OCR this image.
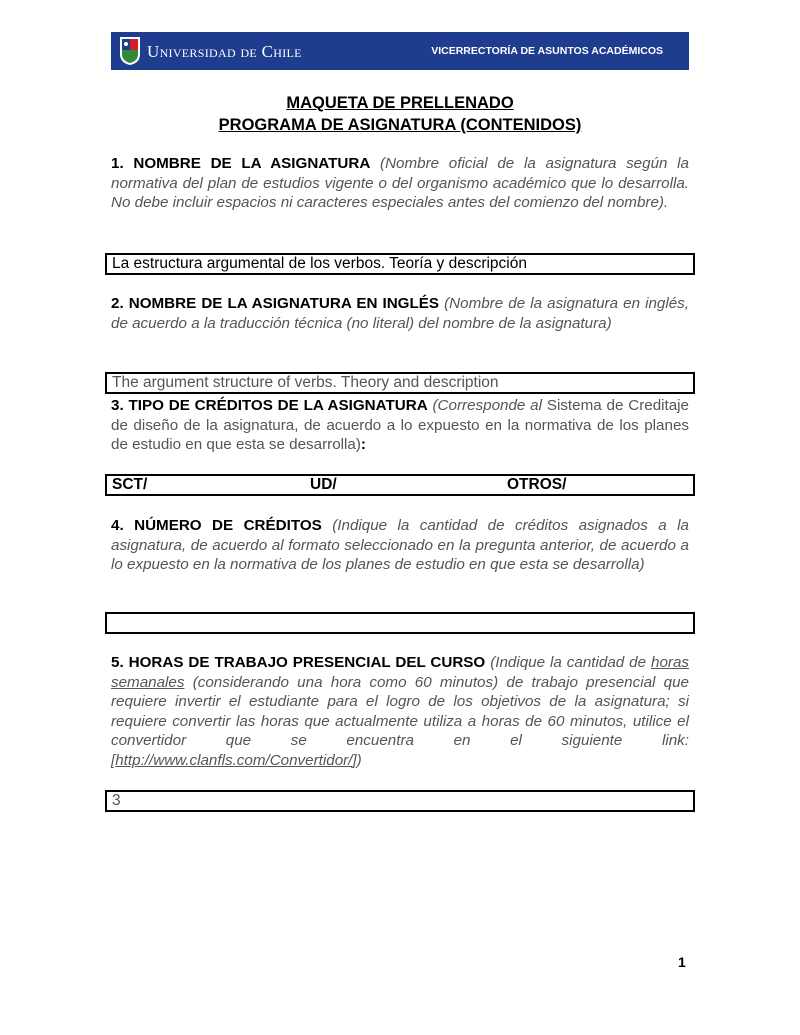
Universidad de Chile	VICERRECTORÍA DE ASUNTOS ACADÉMICOS
MAQUETA DE PRELLENADO
PROGRAMA DE ASIGNATURA (CONTENIDOS)
1. NOMBRE DE LA ASIGNATURA (Nombre oficial de la asignatura según la normativa del plan de estudios vigente o del organismo académico que lo desarrolla. No debe incluir espacios ni caracteres especiales antes del comienzo del nombre).
La estructura argumental de los verbos. Teoría y descripción
2. NOMBRE DE LA ASIGNATURA EN INGLÉS (Nombre de la asignatura en inglés, de acuerdo a la traducción técnica (no literal) del nombre de la asignatura)
The argument structure of verbs. Theory and description
3. TIPO DE CRÉDITOS DE LA ASIGNATURA (Corresponde al Sistema de Creditaje de diseño de la asignatura, de acuerdo a lo expuesto en la normativa de los planes de estudio en que esta se desarrolla):
SCT/	UD/	OTROS/
4. NÚMERO DE CRÉDITOS (Indique la cantidad de créditos asignados a la asignatura, de acuerdo al formato seleccionado en la pregunta anterior, de acuerdo a lo expuesto en la normativa de los planes de estudio en que esta se desarrolla)
5. HORAS DE TRABAJO PRESENCIAL DEL CURSO (Indique la cantidad de horas semanales (considerando una hora como 60 minutos) de trabajo presencial que requiere invertir el estudiante para el logro de los objetivos de la asignatura; si requiere convertir las horas que actualmente utiliza a horas de 60 minutos, utilice el convertidor que se encuentra en el siguiente link: [http://www.clanfls.com/Convertidor/])
3
1
